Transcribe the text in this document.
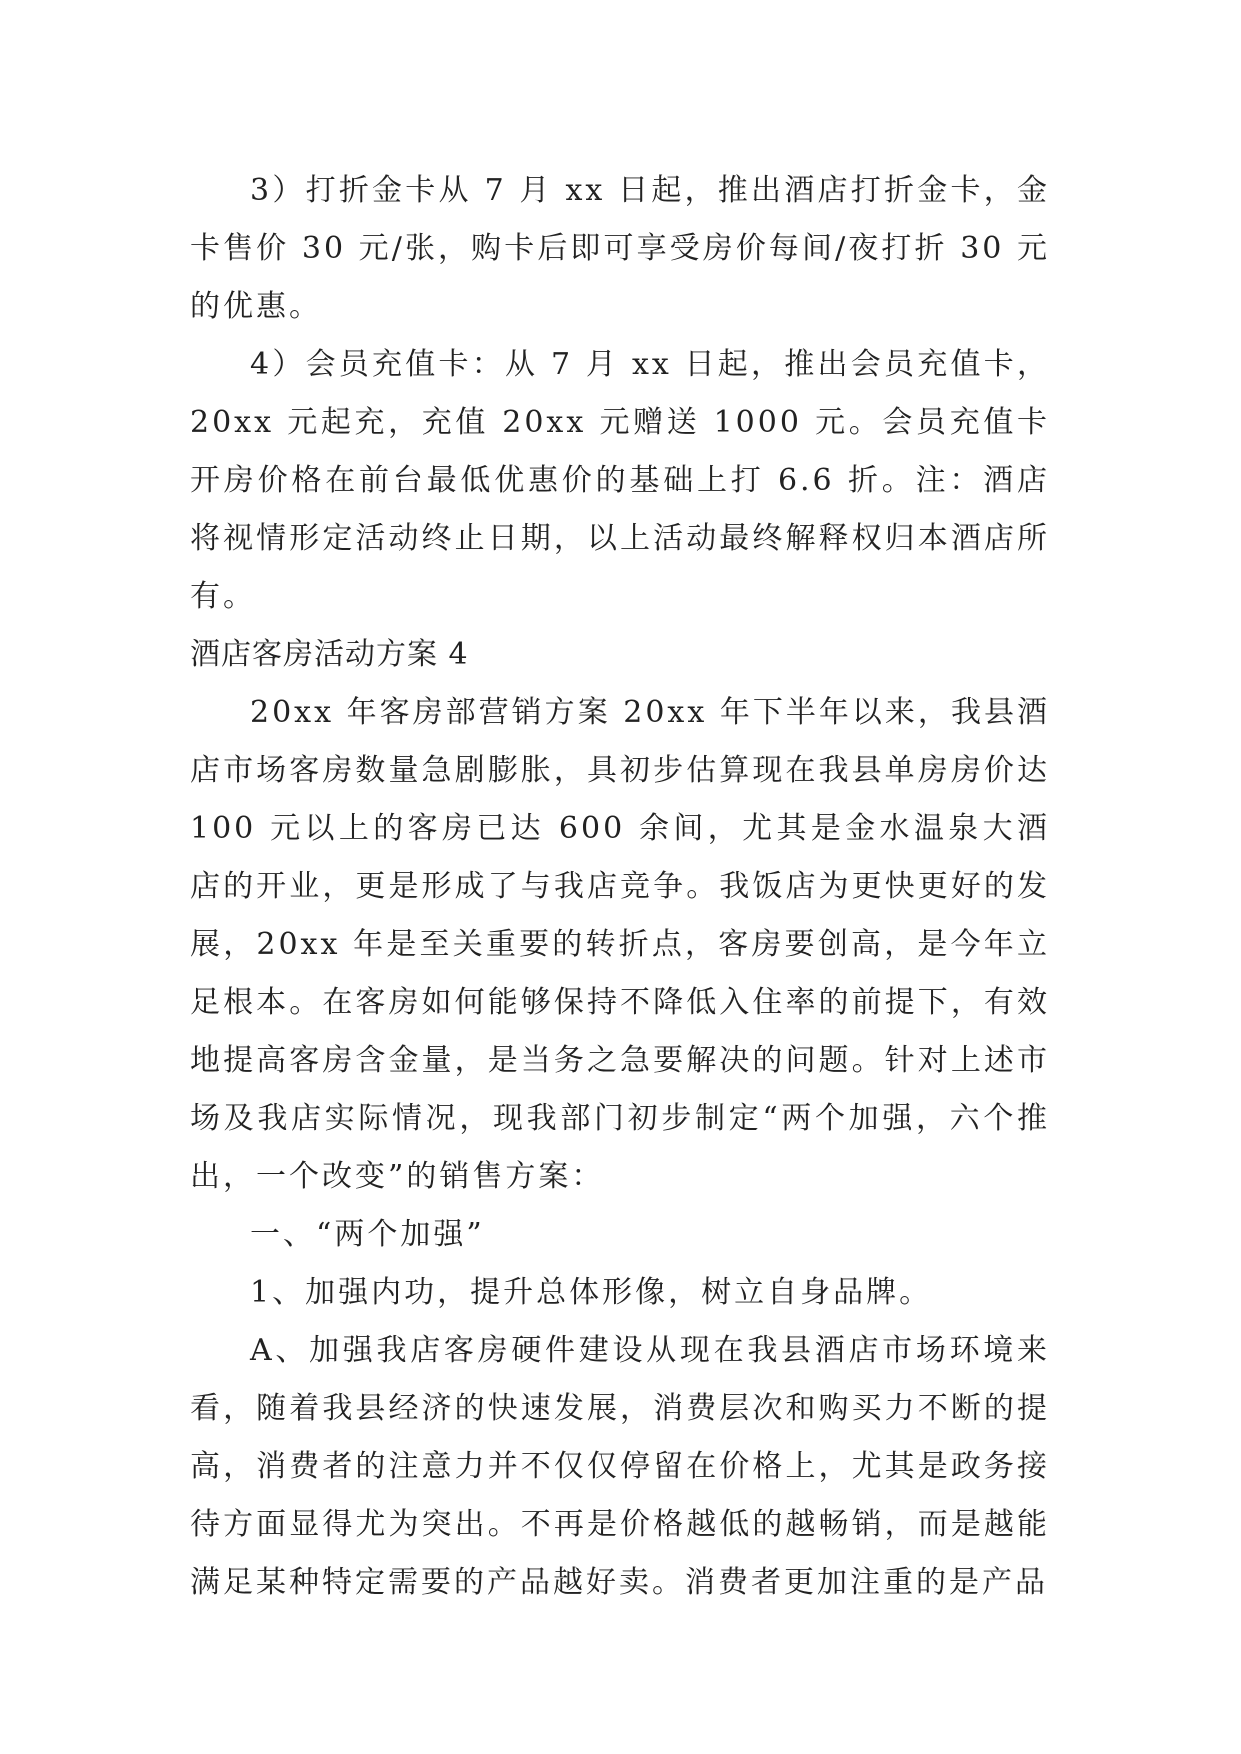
3）打折金卡从 7 月 xx 日起，推出酒店打折金卡，金卡售价 30 元/张，购卡后即可享受房价每间/夜打折 30 元的优惠。

4）会员充值卡：从 7 月 xx 日起，推出会员充值卡，20xx 元起充，充值 20xx 元赠送 1000 元。会员充值卡开房价格在前台最低优惠价的基础上打 6.6 折。注：酒店将视情形定活动终止日期，以上活动最终解释权归本酒店所有。

酒店客房活动方案 4

20xx 年客房部营销方案 20xx 年下半年以来，我县酒店市场客房数量急剧膨胀，具初步估算现在我县单房房价达 100 元以上的客房已达 600 余间，尤其是金水温泉大酒店的开业，更是形成了与我店竞争。我饭店为更快更好的发展，20xx 年是至关重要的转折点，客房要创高，是今年立足根本。在客房如何能够保持不降低入住率的前提下，有效地提高客房含金量，是当务之急要解决的问题。针对上述市场及我店实际情况，现我部门初步制定“两个加强，六个推出，一个改变”的销售方案：

一、“两个加强”

1、加强内功，提升总体形像，树立自身品牌。

A、加强我店客房硬件建设从现在我县酒店市场环境来看，随着我县经济的快速发展，消费层次和购买力不断的提高，消费者的注意力并不仅仅停留在价格上，尤其是政务接待方面显得尤为突出。不再是价格越低的越畅销，而是越能满足某种特定需要的产品越好卖。消费者更加注重的是产品
